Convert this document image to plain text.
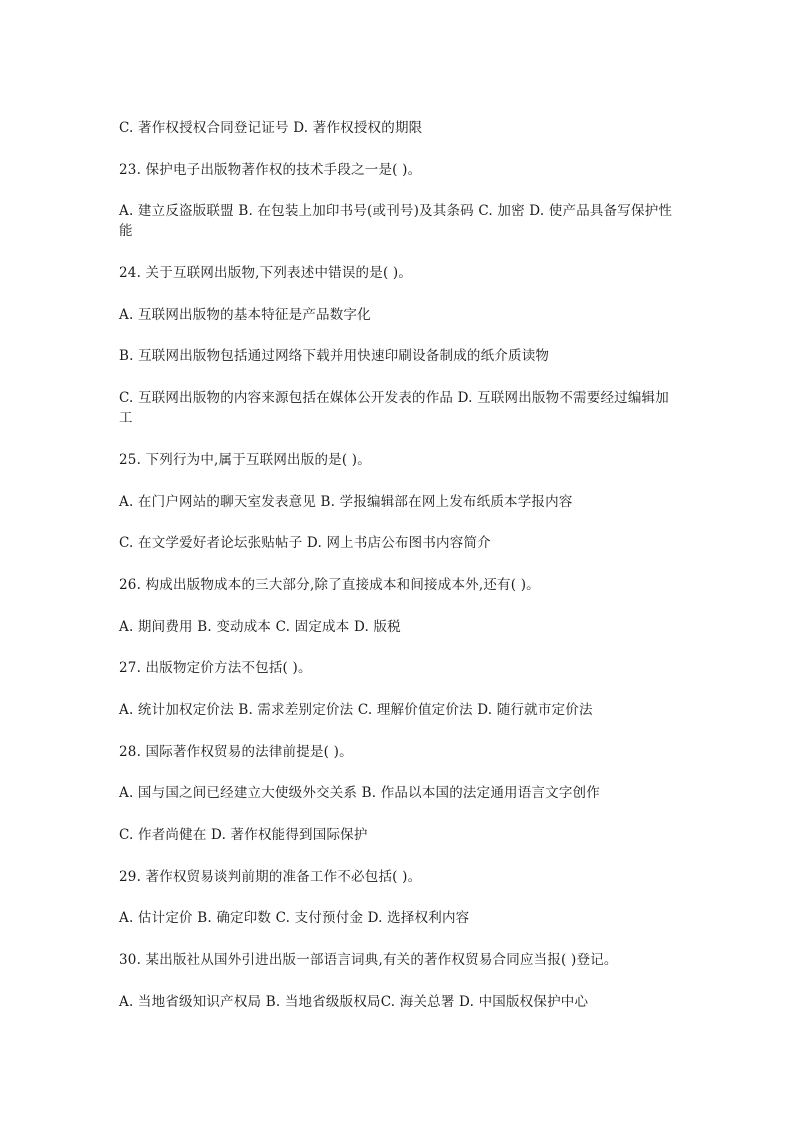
C. 著作权授权合同登记证号 D. 著作权授权的期限

23. 保护电子出版物著作权的技术手段之一是( )。

A. 建立反盗版联盟 B. 在包装上加印书号(或刊号)及其条码 C. 加密 D. 使产品具备写保护性能

24. 关于互联网出版物,下列表述中错误的是( )。

A. 互联网出版物的基本特征是产品数字化

B. 互联网出版物包括通过网络下载并用快速印刷设备制成的纸介质读物

C. 互联网出版物的内容来源包括在媒体公开发表的作品 D. 互联网出版物不需要经过编辑加工

25. 下列行为中,属于互联网出版的是( )。

A. 在门户网站的聊天室发表意见 B. 学报编辑部在网上发布纸质本学报内容

C. 在文学爱好者论坛张贴帖子 D. 网上书店公布图书内容简介

26. 构成出版物成本的三大部分,除了直接成本和间接成本外,还有( )。

A. 期间费用 B. 变动成本 C. 固定成本 D. 版税

27. 出版物定价方法不包括( )。

A. 统计加权定价法 B. 需求差别定价法 C. 理解价值定价法 D. 随行就市定价法

28. 国际著作权贸易的法律前提是( )。

A. 国与国之间已经建立大使级外交关系 B. 作品以本国的法定通用语言文字创作

C. 作者尚健在 D. 著作权能得到国际保护

29. 著作权贸易谈判前期的准备工作不必包括( )。

A. 估计定价 B. 确定印数 C. 支付预付金 D. 选择权利内容

30. 某出版社从国外引进出版一部语言词典,有关的著作权贸易合同应当报( )登记。

A. 当地省级知识产权局 B. 当地省级版权局C. 海关总署 D. 中国版权保护中心
